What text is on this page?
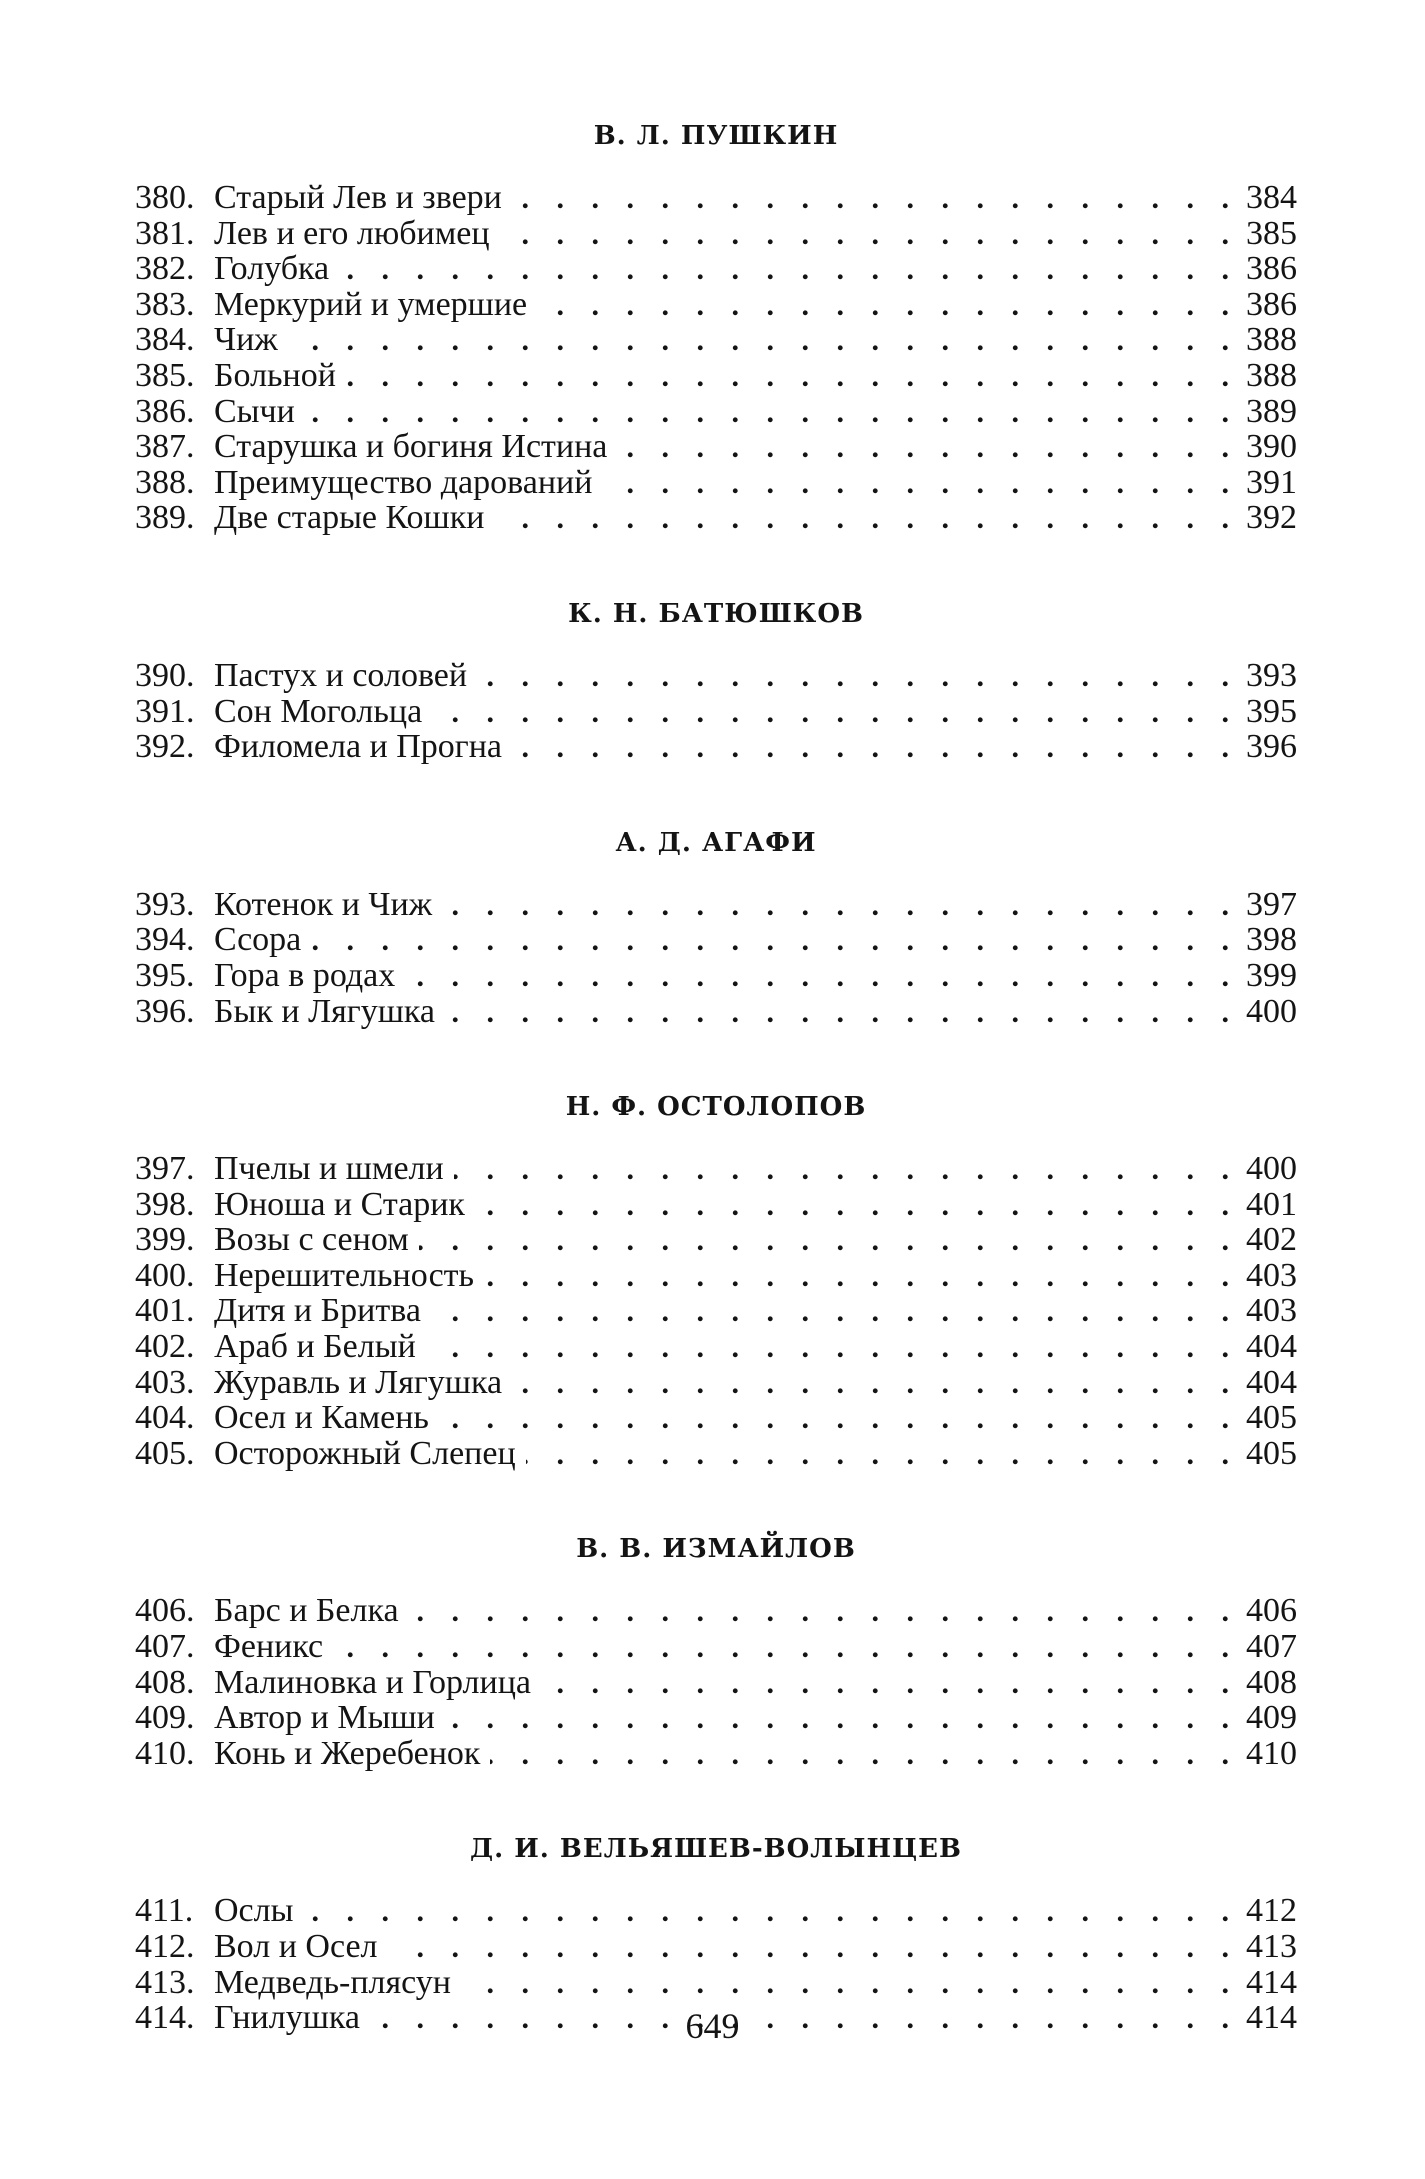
В. Л. ПУШКИН
380. Старый Лев и звери . . .	384
381. Лев и его любимец . . .	385
382. Голубка . . .	386
383. Меркурий и умершие . . .	386
384. Чиж . . .	388
385. Больной . . .	388
386. Сычи . . .	389
387. Старушка и богиня Истина . . .	390
388. Преимущество дарований . . .	391
389. Две старые Кошки . . .	392
К. Н. БАТЮШКОВ
390. Пастух и соловей . . .	393
391. Сон Могольца . . .	395
392. Филомела и Прогна . . .	396
А. Д. АГАФИ
393. Котенок и Чиж . . .	397
394. Ссора . . .	398
395. Гора в родах . . .	399
396. Бык и Лягушка . . .	400
Н. Ф. ОСТОЛОПОВ
397. Пчелы и шмели . . .	400
398. Юноша и Старик . . .	401
399. Возы с сеном . . .	402
400. Нерешительность . . .	403
401. Дитя и Бритва . . .	403
402. Араб и Белый . . .	404
403. Журавль и Лягушка . . .	404
404. Осел и Камень . . .	405
405. Осторожный Слепец . . .	405
В. В. ИЗМАЙЛОВ
406. Барс и Белка . . .	406
407. Феникс . . .	407
408. Малиновка и Горлица . . .	408
409. Автор и Мыши . . .	409
410. Конь и Жеребенок . . .	410
Д. И. ВЕЛЬЯШЕВ-ВОЛЫНЦЕВ
411. Ослы . . .	412
412. Вол и Осел . . .	413
413. Медведь-плясун . . .	414
414. Гнилушка . . .	414
649
